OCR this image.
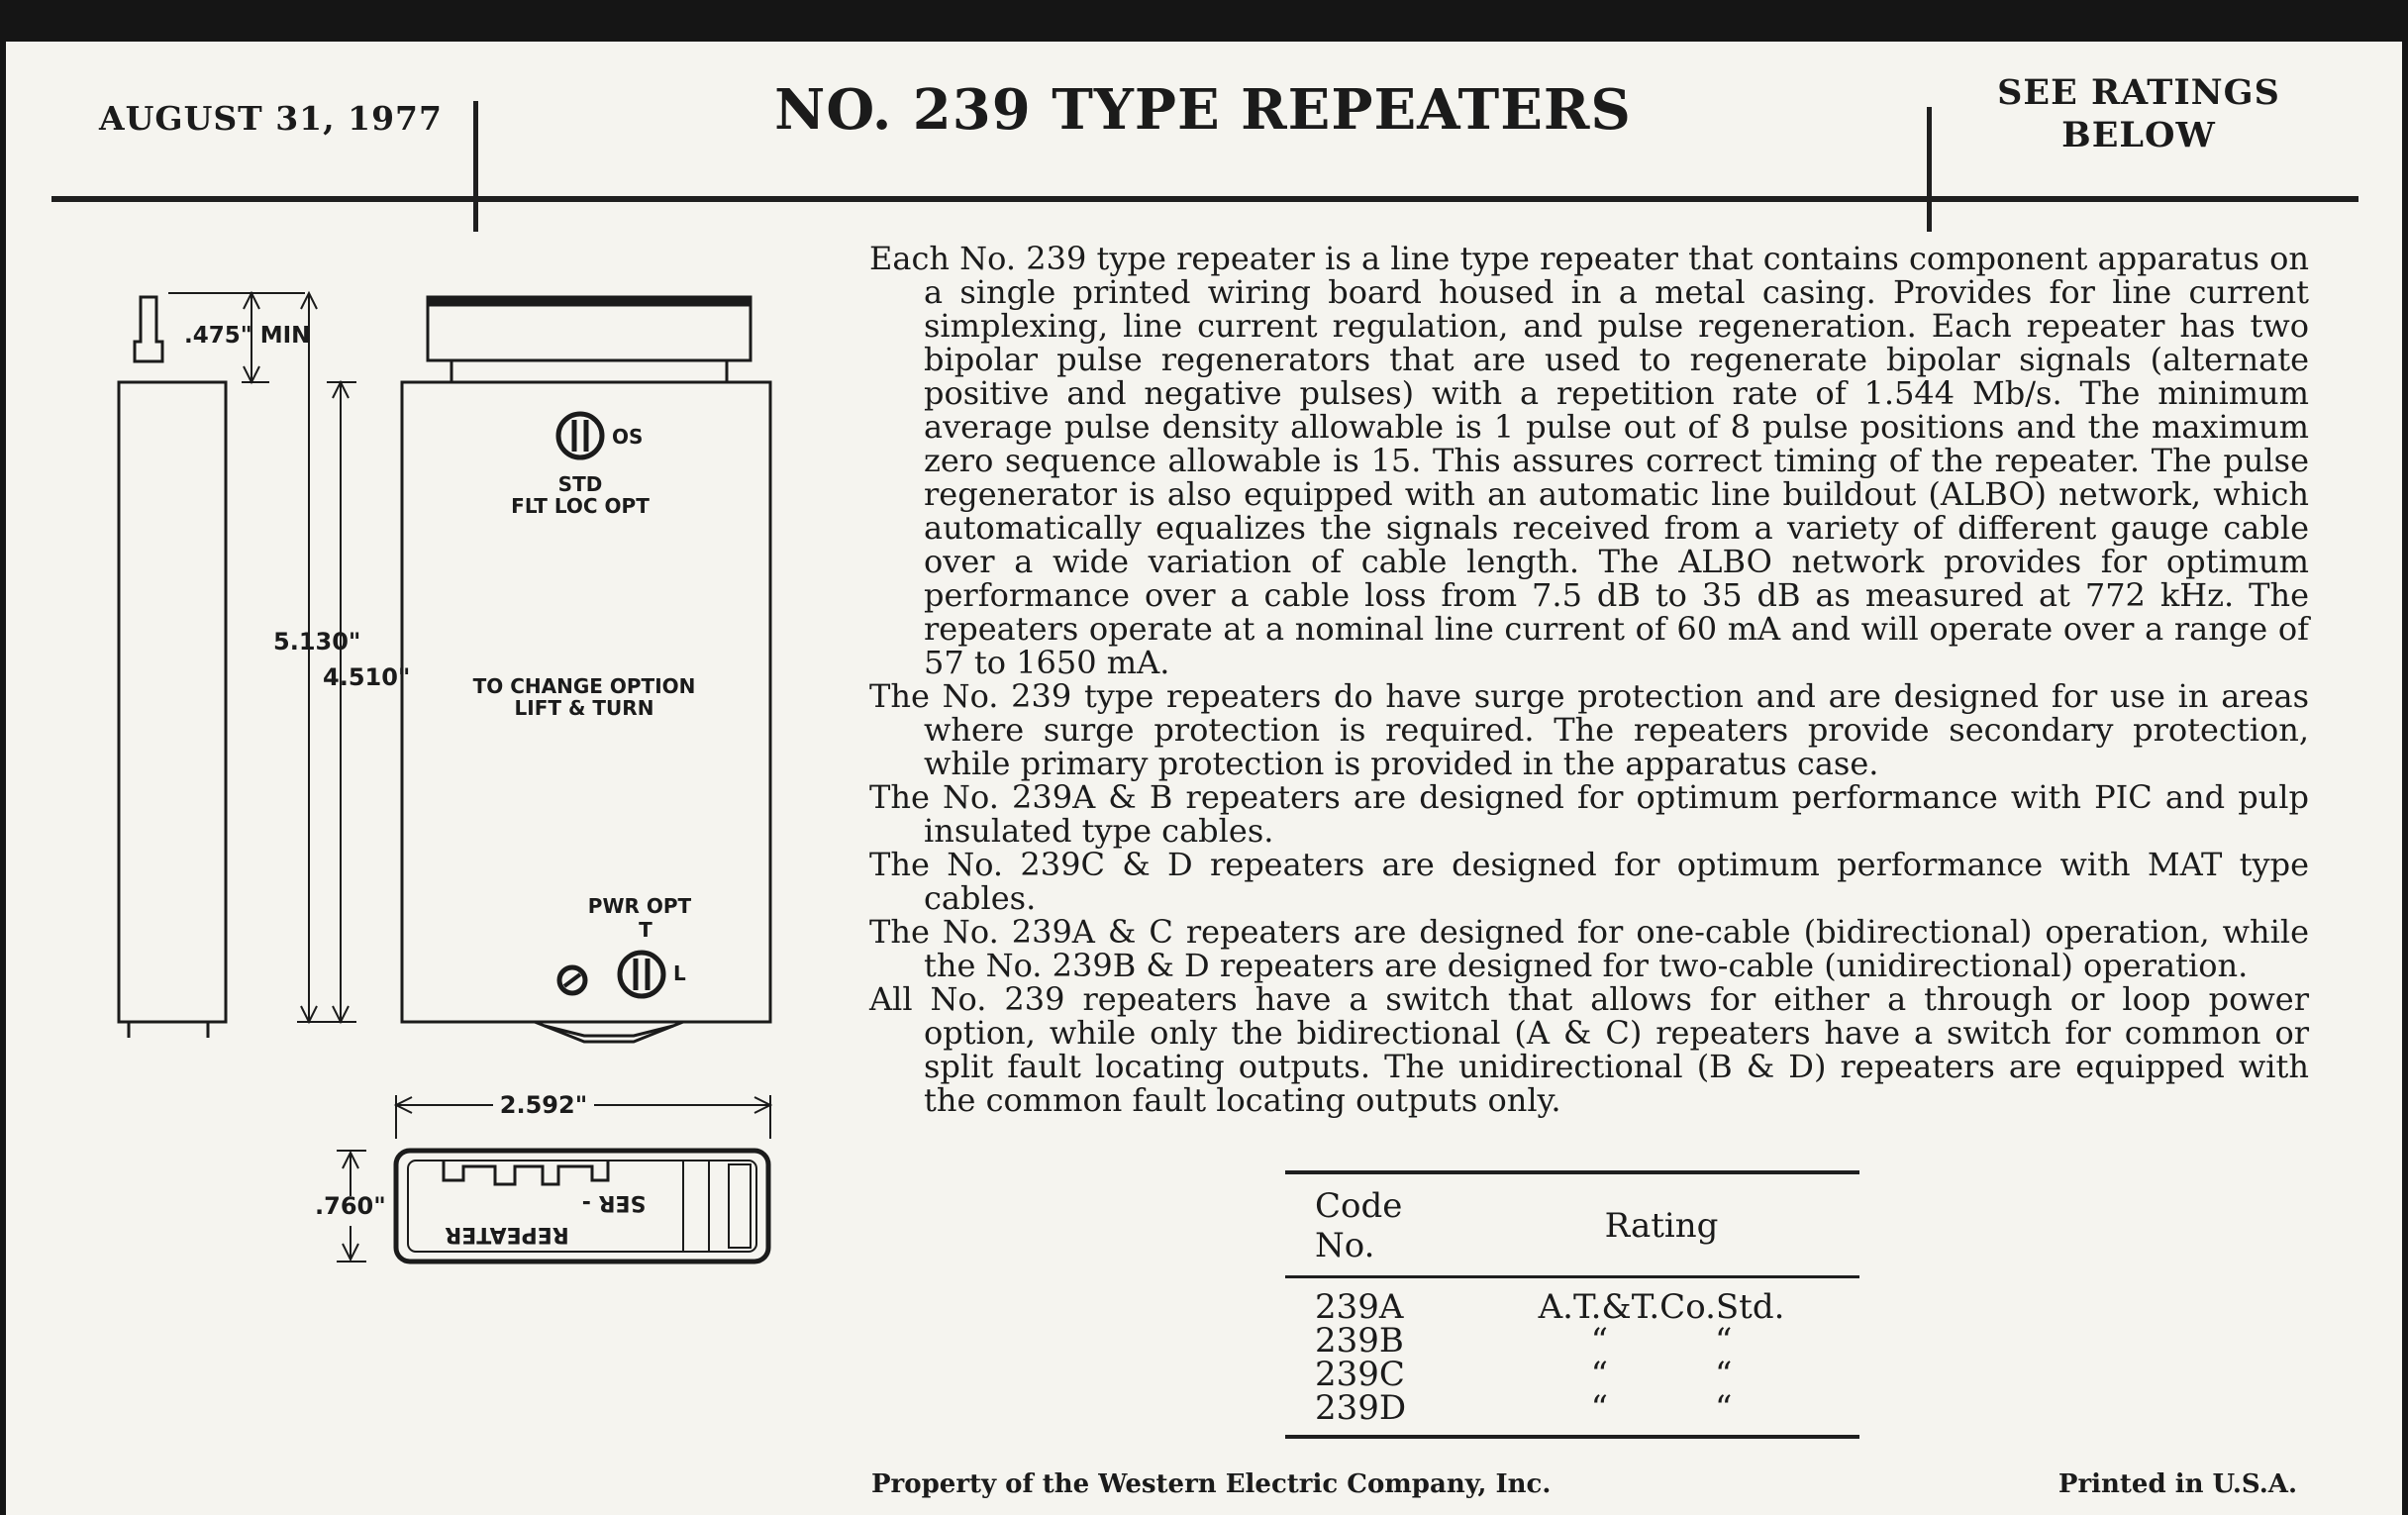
AUGUST 31, 1977	NO. 239 TYPE REPEATERS	SEE RATINGS
BELOW
.475" MIN
5.130"
4.510"
OS
STD
FLT LOC OPT
TO CHANGE OPTION
LIFT & TURN
PWR OPT
T
L
2.592"
.760"	SER -
REPEATER

Each No. 239 type repeater is a line type repeater that contains component apparatus on a single printed wiring board housed in a metal casing. Provides for line current simplexing, line current regulation, and pulse regeneration. Each repeater has two bipolar pulse regenerators that are used to regenerate bipolar signals (alternate positive and negative pulses) with a repetition rate of 1.544 Mb/s. The minimum average pulse density allowable is 1 pulse out of 8 pulse positions and the maximum zero sequence allowable is 15. This assures correct timing of the repeater. The pulse regenerator is also equipped with an automatic line buildout (ALBO) network, which automatically equalizes the signals received from a variety of different gauge cable over a wide variation of cable length. The ALBO network provides for optimum performance over a cable loss from 7.5 dB to 35 dB as measured at 772 kHz. The repeaters operate at a nominal line current of 60 mA and will operate over a range of 57 to 1650 mA.

The No. 239 type repeaters do have surge protection and are designed for use in areas where surge protection is required. The repeaters provide secondary protection, while primary protection is provided in the apparatus case.

The No. 239A & B repeaters are designed for optimum performance with PIC and pulp insulated type cables.

The No. 239C & D repeaters are designed for optimum performance with MAT type cables.

The No. 239A & C repeaters are designed for one-cable (bidirectional) operation, while the No. 239B & D repeaters are designed for two-cable (unidirectional) operation.

All No. 239 repeaters have a switch that allows for either a through or loop power option, while only the bidirectional (A & C) repeaters have a switch for common or split fault locating outputs. The unidirectional (B & D) repeaters are equipped with the common fault locating outputs only.

Code No.	Rating
239A	A.T.&T.Co.Std.
239B	“          “
239C	“          “
239D	“          “
Property of the Western Electric Company, Inc.	Printed in U.S.A.
